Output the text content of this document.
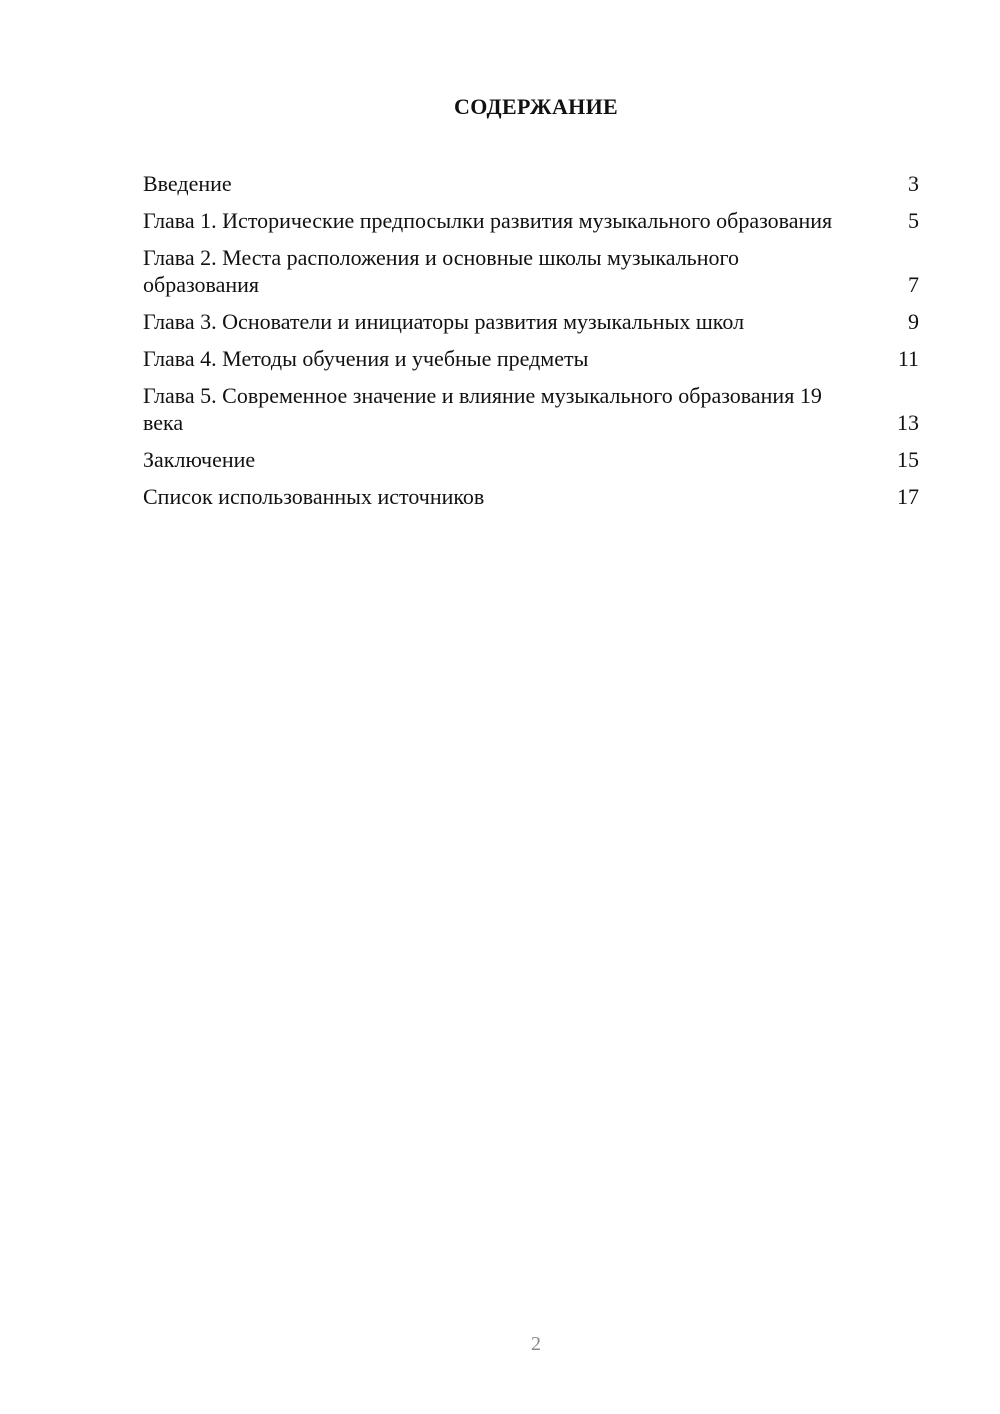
СОДЕРЖАНИЕ
Введение	3
Глава 1. Исторические предпосылки развития музыкального образования	5
Глава 2. Места расположения и основные школы музыкального образования	7
Глава 3. Основатели и инициаторы развития музыкальных школ	9
Глава 4. Методы обучения и учебные предметы	11
Глава 5. Современное значение и влияние музыкального образования 19 века	13
Заключение	15
Список использованных источников	17
2
